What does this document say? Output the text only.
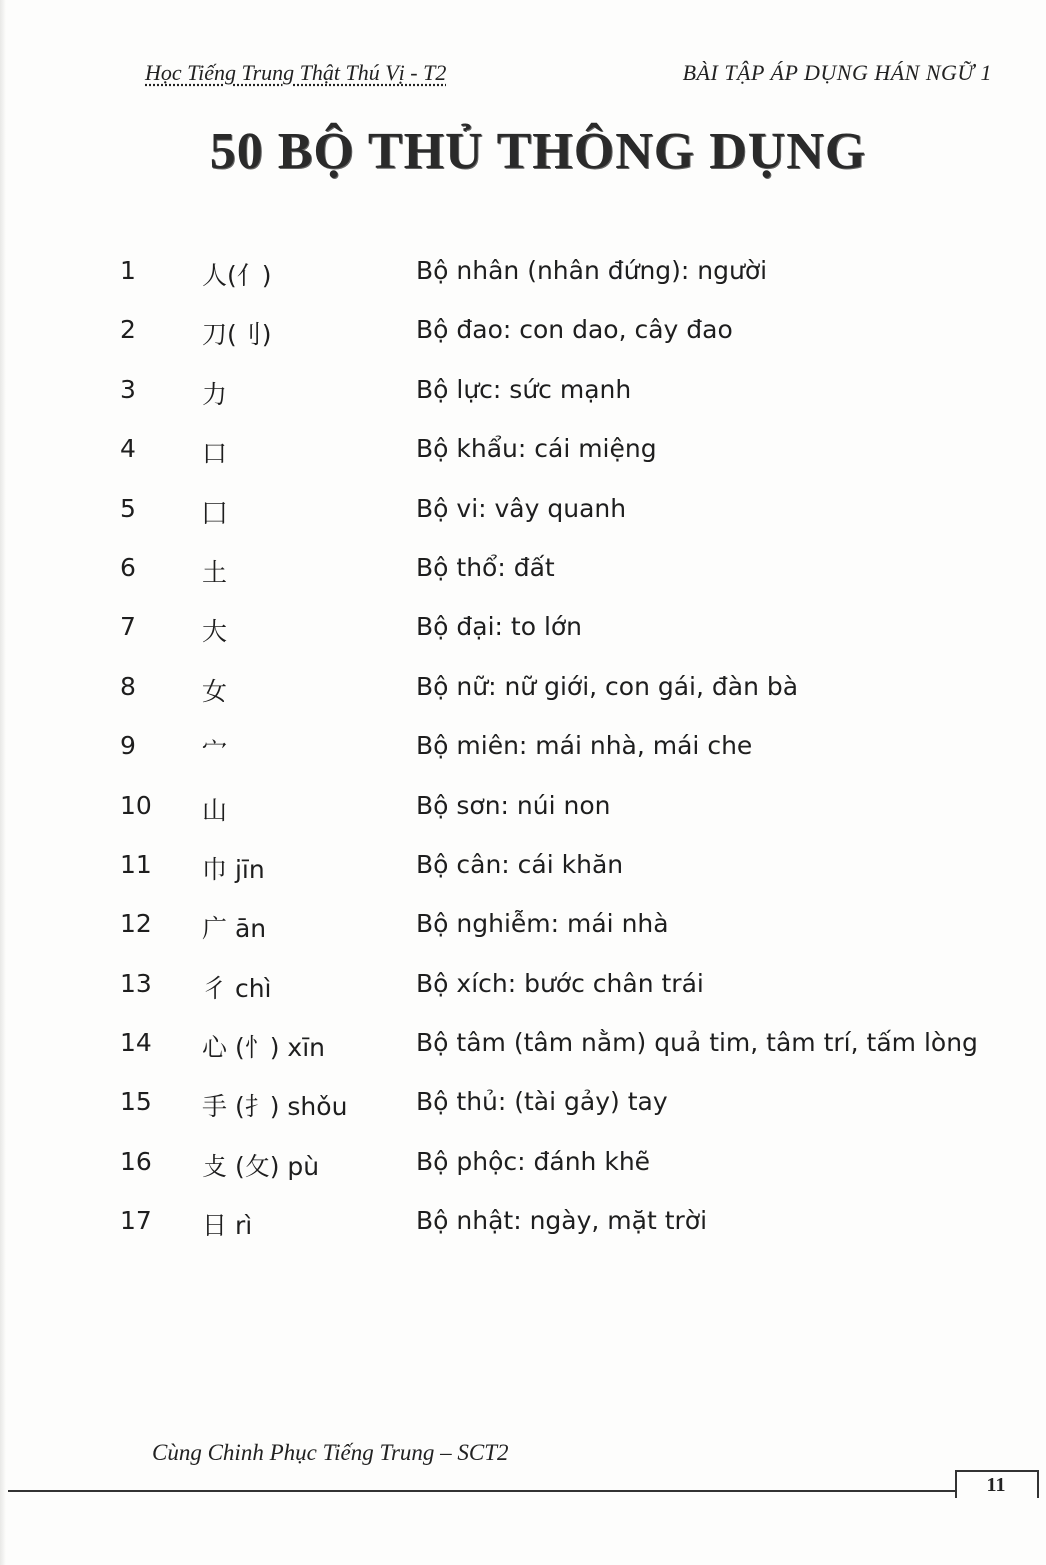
Học Tiếng Trung Thật Thú Vị - T2	BÀI TẬP ÁP DỤNG HÁN NGỮ 1
50 BỘ THỦ THÔNG DỤNG
1	人(亻)	Bộ nhân (nhân đứng): người
2	刀(刂)	Bộ đao: con dao, cây đao
3	力	Bộ lực: sức mạnh
4	口	Bộ khẩu: cái miệng
5	囗	Bộ vi: vây quanh
6	土	Bộ thổ: đất
7	大	Bộ đại: to lớn
8	女	Bộ nữ: nữ giới, con gái, đàn bà
9	宀	Bộ miên: mái nhà, mái che
10 山	Bộ sơn: núi non
11 巾 jīn	Bộ cân: cái khăn
12 广 ān	Bộ nghiễm: mái nhà
13 彳 chì	Bộ xích: bước chân trái
14 心 (忄) xīn	Bộ tâm (tâm nằm) quả tim, tâm trí, tấm lòng
15 手 (扌) shǒu	Bộ thủ: (tài gảy) tay
16 攴 (攵) pù	Bộ phộc: đánh khẽ
17 日 rì	Bộ nhật: ngày, mặt trời
Cùng Chinh Phục Tiếng Trung – SCT2
11
